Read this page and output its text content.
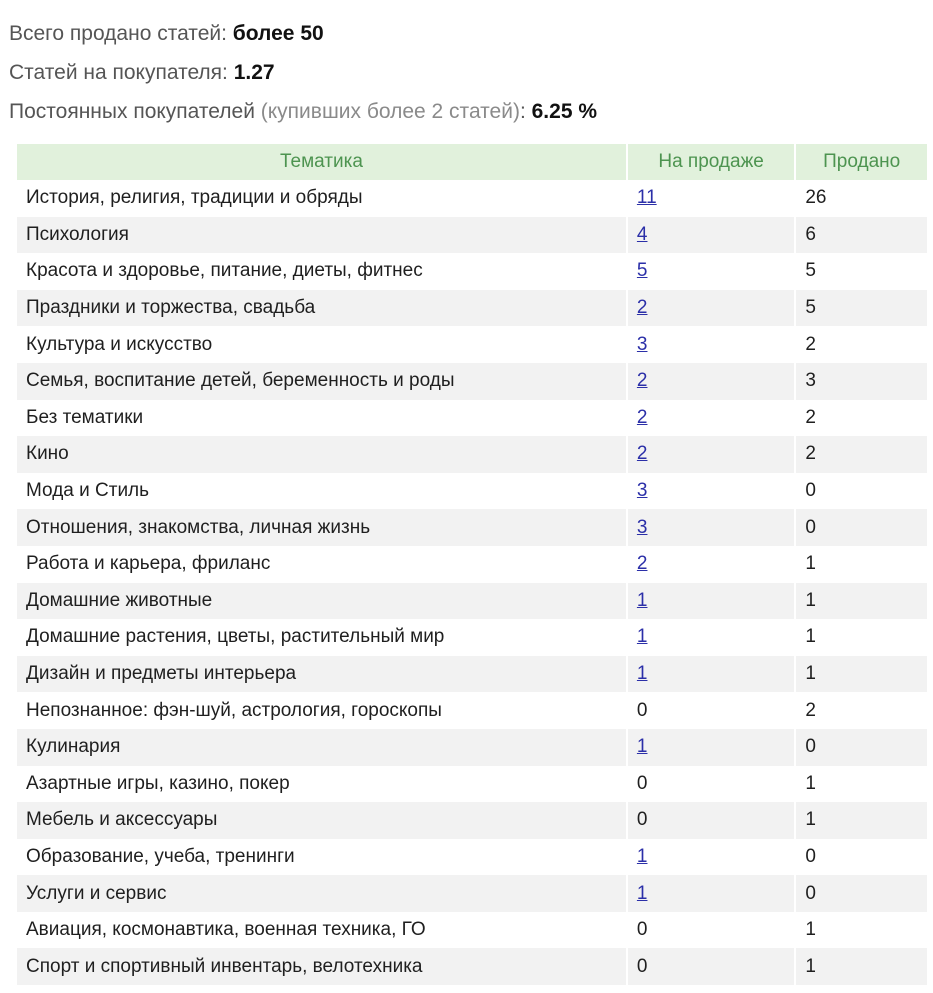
Всего продано статей: более 50
Статей на покупателя: 1.27
Постоянных покупателей (купивших более 2 статей): 6.25 %
Тематика	На продаже	Продано
История, религия, традиции и обряды	11	26
Психология	4	6
Красота и здоровье, питание, диеты, фитнес	5	5
Праздники и торжества, свадьба	2	5
Культура и искусство	3	2
Семья, воспитание детей, беременность и роды	2	3
Без тематики	2	2
Кино	2	2
Мода и Стиль	3	0
Отношения, знакомства, личная жизнь	3	0
Работа и карьера, фриланс	2	1
Домашние животные	1	1
Домашние растения, цветы, растительный мир	1	1
Дизайн и предметы интерьера	1	1
Непознанное: фэн-шуй, астрология, гороскопы	0	2
Кулинария	1	0
Азартные игры, казино, покер	0	1
Мебель и аксессуары	0	1
Образование, учеба, тренинги	1	0
Услуги и сервис	1	0
Авиация, космонавтика, военная техника, ГО	0	1
Спорт и спортивный инвентарь, велотехника	0	1
